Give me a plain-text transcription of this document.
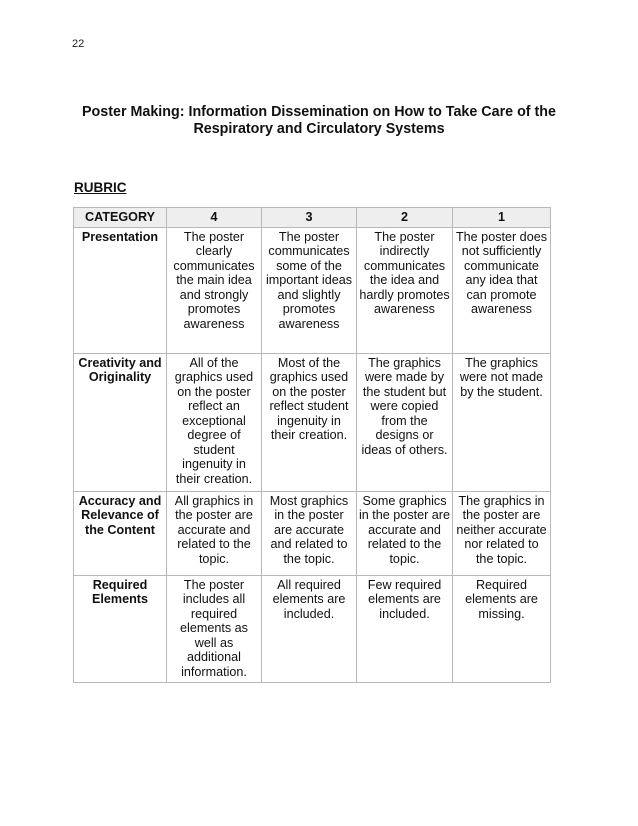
22
Poster Making: Information Dissemination on How to Take Care of the Respiratory and Circulatory Systems
RUBRIC
CATEGORY	4	3	2	1
Presentation	The poster clearly communicates the main idea and strongly promotes awareness	The poster communicates some of the important ideas and slightly promotes awareness	The poster indirectly communicates the idea and hardly promotes awareness	The poster does not sufficiently communicate any idea that can promote awareness
Creativity and Originality	All of the graphics used on the poster reflect an exceptional degree of student ingenuity in their creation.	Most of the graphics used on the poster reflect student ingenuity in their creation.	The graphics were made by the student but were copied from the designs or ideas of others.	The graphics were not made by the student.
Accuracy and Relevance of the Content	All graphics in the poster are accurate and related to the topic.	Most graphics in the poster are accurate and related to the topic.	Some graphics in the poster are accurate and related to the topic.	The graphics in the poster are neither accurate nor related to the topic.
Required Elements	The poster includes all required elements as well as additional information.	All required elements are included.	Few required elements are included.	Required elements are missing.
